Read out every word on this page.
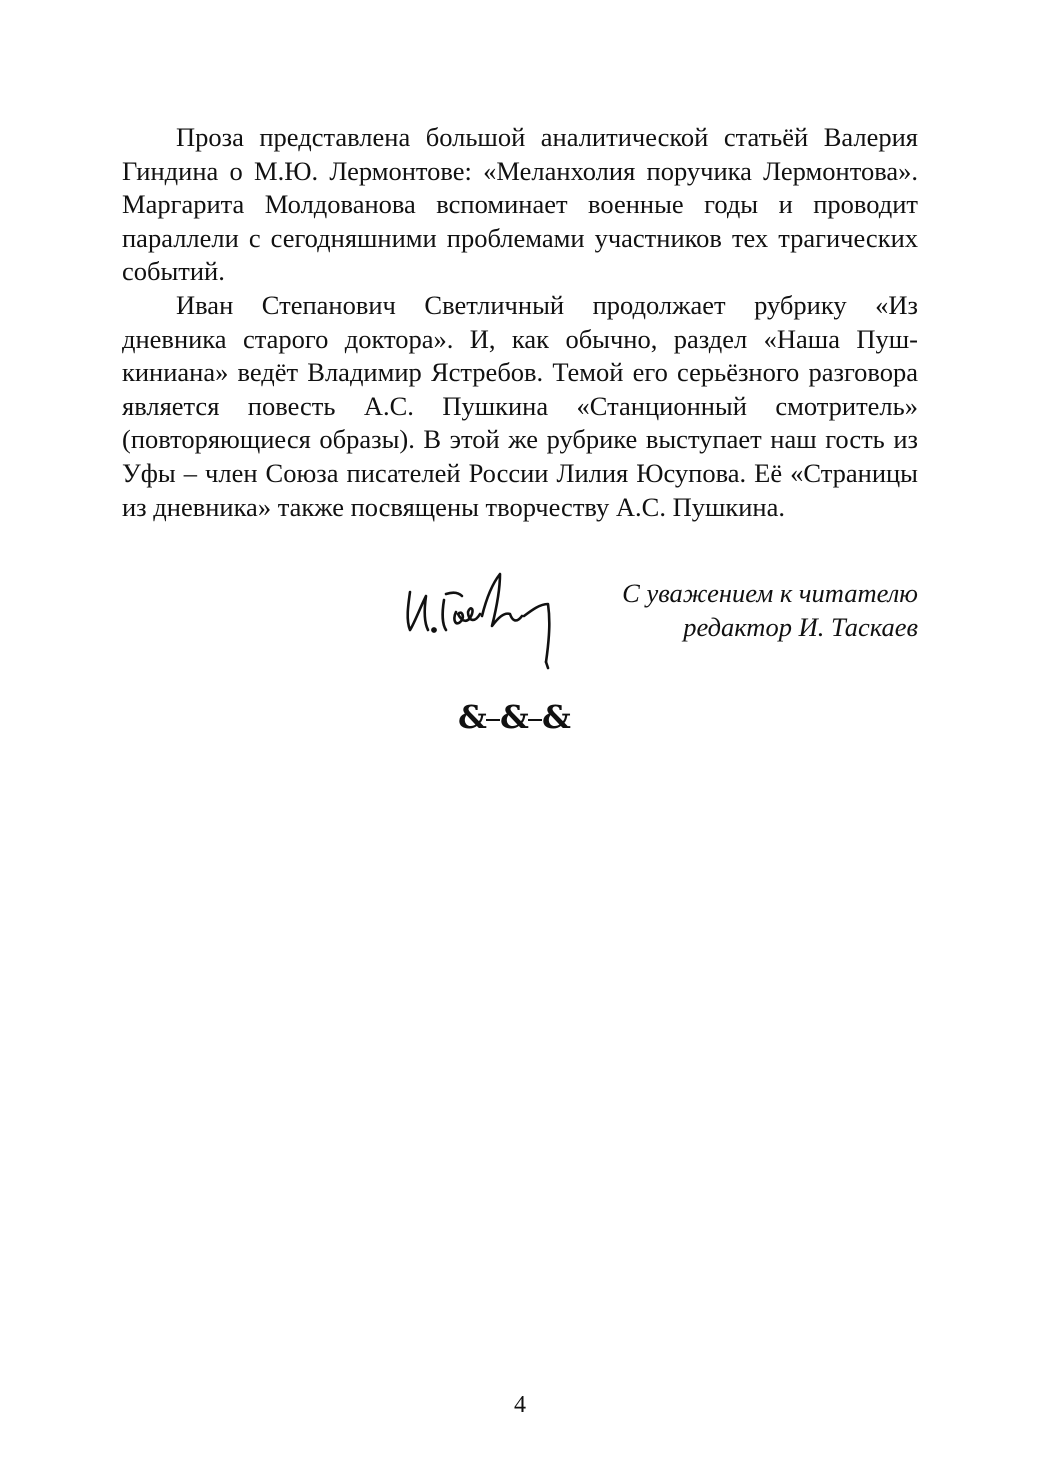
Проза представлена большой аналитической статьёй Валерия Гиндина о М.Ю. Лермонтове: «Меланхолия поручика Лермонтова». Маргарита Молдованова вспоминает военные годы и проводит параллели с сегодняшними проблемами участников тех трагических событий.

Иван Степанович Светличный продолжает рубрику «Из дневника старого доктора». И, как обычно, раздел «Наша Пушкиниана» ведёт Владимир Ястребов. Темой его серьёзного разговора является повесть А.С. Пушкина «Станционный смотритель» (повторяющиеся образы). В этой же рубрике выступает наш гость из Уфы – член Союза писателей России Лилия Юсупова. Её «Страницы из дневника» также посвящены творчеству А.С. Пушкина.

С уважением к читателю
редактор И. Таскаев
& & &
4
